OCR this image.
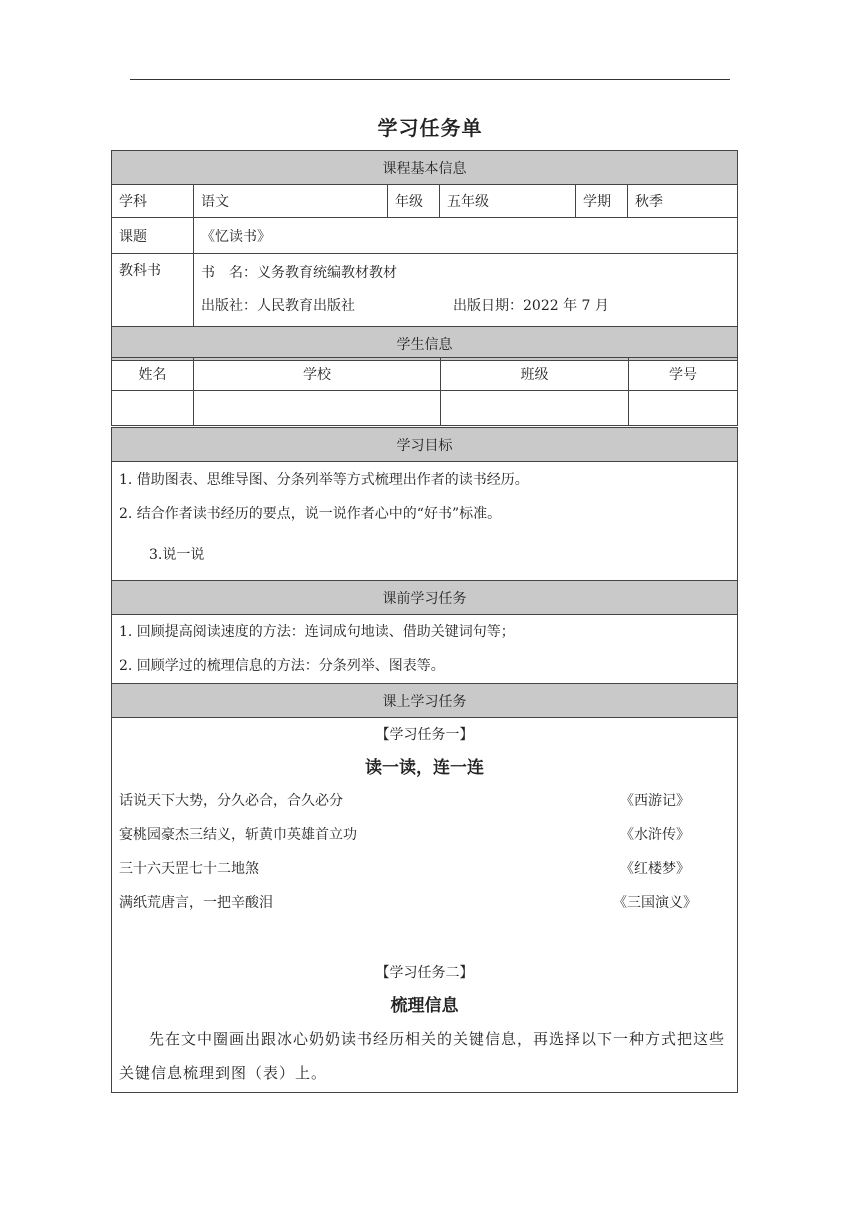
学习任务单
课程基本信息					
学科	语文	年级	五年级	学期	秋季
课题	《忆读书》				
教科书	书 名：义务教育统编教材教材
出版社：人民教育出版社 出版日期：2022 年 7 月				

学生信息					

姓名	学校	班级	学号

学习目标

1. 借助图表、思维导图、分条列举等方式梳理出作者的读书经历。
2. 结合作者读书经历的要点，说一说作者心中的“好书”标准。
3.说一说

课前学习任务

1. 回顾提高阅读速度的方法：连词成句地读、借助关键词句等；
2. 回顾学过的梳理信息的方法：分条列举、图表等。

课上学习任务

【学习任务一】
读一读，连一连
话说天下大势，分久必合，合久必分	《西游记》
宴桃园豪杰三结义，斩黄巾英雄首立功	《水浒传》
三十六天罡七十二地煞	《红楼梦》
满纸荒唐言，一把辛酸泪	《三国演义》
【学习任务二】
梳理信息
先在文中圈画出跟冰心奶奶读书经历相关的关键信息，再选择以下一种方式把这些关键信息梳理到图（表）上。
